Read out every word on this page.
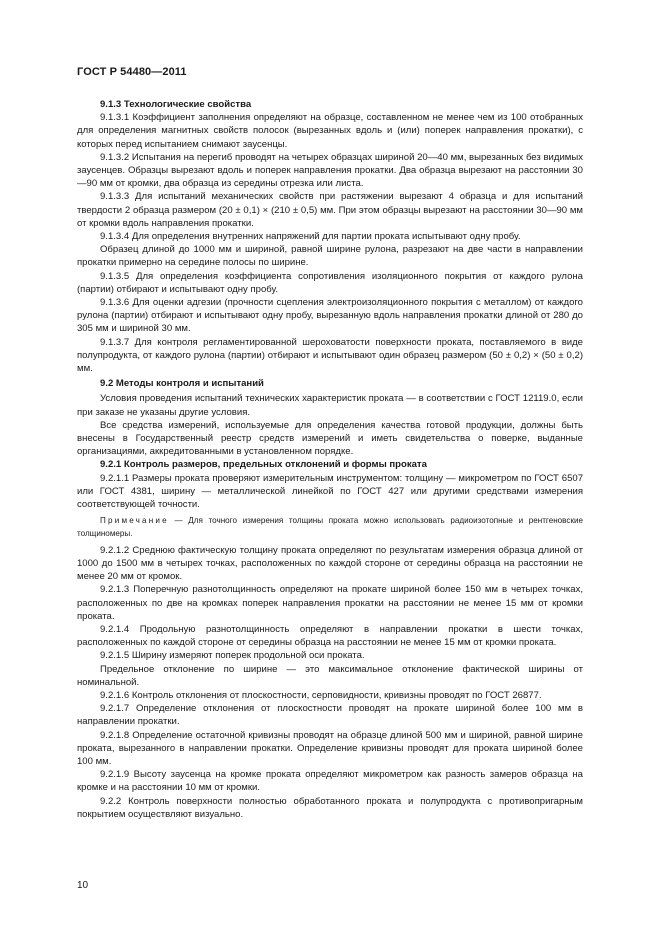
ГОСТ Р 54480—2011

9.1.3 Технологические свойства

9.1.3.1 Коэффициент заполнения определяют на образце, составленном не менее чем из 100 отобранных для определения магнитных свойств полосок (вырезанных вдоль и (или) поперек направления прокатки), с которых перед испытанием снимают заусенцы.

9.1.3.2 Испытания на перегиб проводят на четырех образцах шириной 20—40 мм, вырезанных без видимых заусенцев. Образцы вырезают вдоль и поперек направления прокатки. Два образца вырезают на расстоянии 30—90 мм от кромки, два образца из середины отрезка или листа.

9.1.3.3 Для испытаний механических свойств при растяжении вырезают 4 образца и для испытаний твердости 2 образца размером (20 ± 0,1) × (210 ± 0,5) мм. При этом образцы вырезают на расстоянии 30—90 мм от кромки вдоль направления прокатки.

9.1.3.4 Для определения внутренних напряжений для партии проката испытывают одну пробу.

Образец длиной до 1000 мм и шириной, равной ширине рулона, разрезают на две части в направлении прокатки примерно на середине полосы по ширине.

9.1.3.5 Для определения коэффициента сопротивления изоляционного покрытия от каждого рулона (партии) отбирают и испытывают одну пробу.

9.1.3.6 Для оценки адгезии (прочности сцепления электроизоляционного покрытия с металлом) от каждого рулона (партии) отбирают и испытывают одну пробу, вырезанную вдоль направления прокатки длиной от 280 до 305 мм и шириной 30 мм.

9.1.3.7 Для контроля регламентированной шероховатости поверхности проката, поставляемого в виде полупродукта, от каждого рулона (партии) отбирают и испытывают один образец размером (50 ± 0,2) × (50 ± 0,2) мм.

9.2 Методы контроля и испытаний

Условия проведения испытаний технических характеристик проката — в соответствии с ГОСТ 12119.0, если при заказе не указаны другие условия.

Все средства измерений, используемые для определения качества готовой продукции, должны быть внесены в Государственный реестр средств измерений и иметь свидетельства о поверке, выданные организациями, аккредитованными в установленном порядке.

9.2.1 Контроль размеров, предельных отклонений и формы проката

9.2.1.1 Размеры проката проверяют измерительным инструментом: толщину — микрометром по ГОСТ 6507 или ГОСТ 4381, ширину — металлической линейкой по ГОСТ 427 или другими средствами измерения соответствующей точности.

Примечание — Для точного измерения толщины проката можно использовать радиоизотопные и рентгеновские толщиномеры.

9.2.1.2 Среднюю фактическую толщину проката определяют по результатам измерения образца длиной от 1000 до 1500 мм в четырех точках, расположенных по каждой стороне от середины образца на расстоянии не менее 20 мм от кромок.

9.2.1.3 Поперечную разнотолщинность определяют на прокате шириной более 150 мм в четырех точках, расположенных по две на кромках поперек направления прокатки на расстоянии не менее 15 мм от кромки проката.

9.2.1.4 Продольную разнотолщинность определяют в направлении прокатки в шести точках, расположенных по каждой стороне от середины образца на расстоянии не менее 15 мм от кромки проката.

9.2.1.5 Ширину измеряют поперек продольной оси проката.

Предельное отклонение по ширине — это максимальное отклонение фактической ширины от номинальной.

9.2.1.6 Контроль отклонения от плоскостности, серповидности, кривизны проводят по ГОСТ 26877.

9.2.1.7 Определение отклонения от плоскостности проводят на прокате шириной более 100 мм в направлении прокатки.

9.2.1.8 Определение остаточной кривизны проводят на образце длиной 500 мм и шириной, равной ширине проката, вырезанного в направлении прокатки. Определение кривизны проводят для проката шириной более 100 мм.

9.2.1.9 Высоту заусенца на кромке проката определяют микрометром как разность замеров образца на кромке и на расстоянии 10 мм от кромки.

9.2.2 Контроль поверхности полностью обработанного проката и полупродукта с противопригарным покрытием осуществляют визуально.

10
